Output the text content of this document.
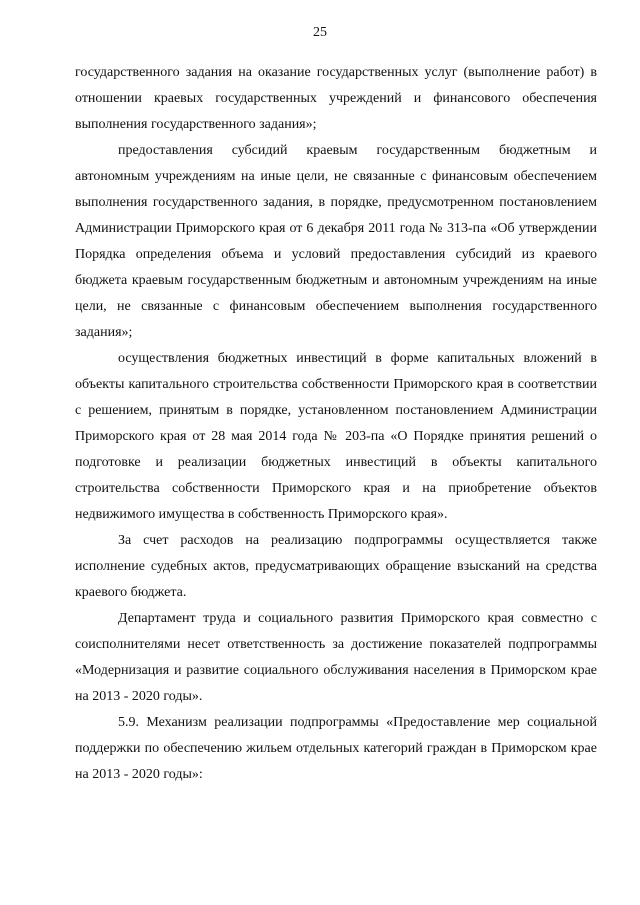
25

государственного задания на оказание государственных услуг (выполнение работ) в отношении краевых государственных учреждений и финансового обеспечения выполнения государственного задания»;

предоставления субсидий краевым государственным бюджетным и автономным учреждениям на иные цели, не связанные с финансовым обеспечением выполнения государственного задания, в порядке, предусмотренном постановлением Администрации Приморского края от 6 декабря 2011 года № 313-па «Об утверждении Порядка определения объема и условий предоставления субсидий из краевого бюджета краевым государственным бюджетным и автономным учреждениям на иные цели, не связанные с финансовым обеспечением выполнения государственного задания»;

осуществления бюджетных инвестиций в форме капитальных вложений в объекты капитального строительства собственности Приморского края в соответствии с решением, принятым в порядке, установленном постановлением Администрации Приморского края от 28 мая 2014 года № 203-па «О Порядке принятия решений о подготовке и реализации бюджетных инвестиций в объекты капитального строительства собственности Приморского края и на приобретение объектов недвижимого имущества в собственность Приморского края».

За счет расходов на реализацию подпрограммы осуществляется также исполнение судебных актов, предусматривающих обращение взысканий на средства краевого бюджета.

Департамент труда и социального развития Приморского края совместно с соисполнителями несет ответственность за достижение показателей подпрограммы «Модернизация и развитие социального обслуживания населения в Приморском крае на 2013 - 2020 годы».

5.9. Механизм реализации подпрограммы «Предоставление мер социальной поддержки по обеспечению жильем отдельных категорий граждан в Приморском крае на 2013 - 2020 годы»:
